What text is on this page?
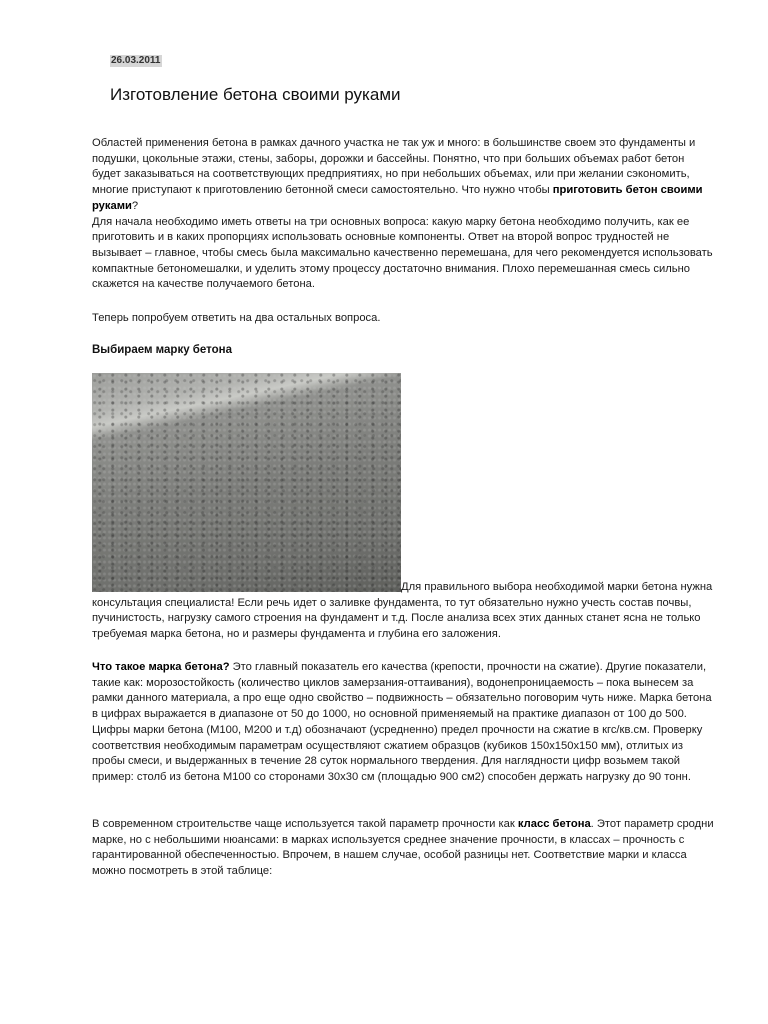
26.03.2011
Изготовление бетона своими руками

Областей применения бетона в рамках дачного участка не так уж и много: в большинстве своем это фундаменты и подушки, цокольные этажи, стены, заборы, дорожки и бассейны. Понятно, что при больших объемах работ бетон будет заказываться на соответствующих предприятиях, но при небольших объемах, или при желании сэкономить, многие приступают к приготовлению бетонной смеси самостоятельно. Что нужно чтобы приготовить бетон своими руками?
Для начала необходимо иметь ответы на три основных вопроса: какую марку бетона необходимо получить, как ее приготовить и в каких пропорциях использовать основные компоненты. Ответ на второй вопрос трудностей не вызывает – главное, чтобы смесь была максимально качественно перемешана, для чего рекомендуется использовать компактные бетономешалки, и уделить этому процессу достаточно внимания. Плохо перемешанная смесь сильно скажется на качестве получаемого бетона.

Теперь попробуем ответить на два остальных вопроса.

Выбираем марку бетона

Для правильного выбора необходимой марки бетона нужна консультация специалиста! Если речь идет о заливке фундамента, то тут обязательно нужно учесть состав почвы, пучинистость, нагрузку самого строения на фундамент и т.д. После анализа всех этих данных станет ясна не только требуемая марка бетона, но и размеры фундамента и глубина его заложения.

Что такое марка бетона? Это главный показатель его качества (крепости, прочности на сжатие). Другие показатели, такие как: морозостойкость (количество циклов замерзания-оттаивания), водонепроницаемость – пока вынесем за рамки данного материала, а про еще одно свойство – подвижность – обязательно поговорим чуть ниже. Марка бетона в цифрах выражается в диапазоне от 50 до 1000, но основной применяемый на практике диапазон от 100 до 500. Цифры марки бетона (М100, М200 и т.д) обозначают (усредненно) предел прочности на сжатие в кгс/кв.см. Проверку соответствия необходимым параметрам осуществляют сжатием образцов (кубиков 150х150х150 мм), отлитых из пробы смеси, и выдержанных в течение 28 суток нормального твердения. Для наглядности цифр возьмем такой пример: столб из бетона М100 со сторонами 30х30 см (площадью 900 см2) способен держать нагрузку до 90 тонн.

В современном строительстве чаще используется такой параметр прочности как класс бетона. Этот параметр сродни марке, но с небольшими нюансами: в марках используется среднее значение прочности, в классах – прочность с гарантированной обеспеченностью. Впрочем, в нашем случае, особой разницы нет. Соответствие марки и класса можно посмотреть в этой таблице:
